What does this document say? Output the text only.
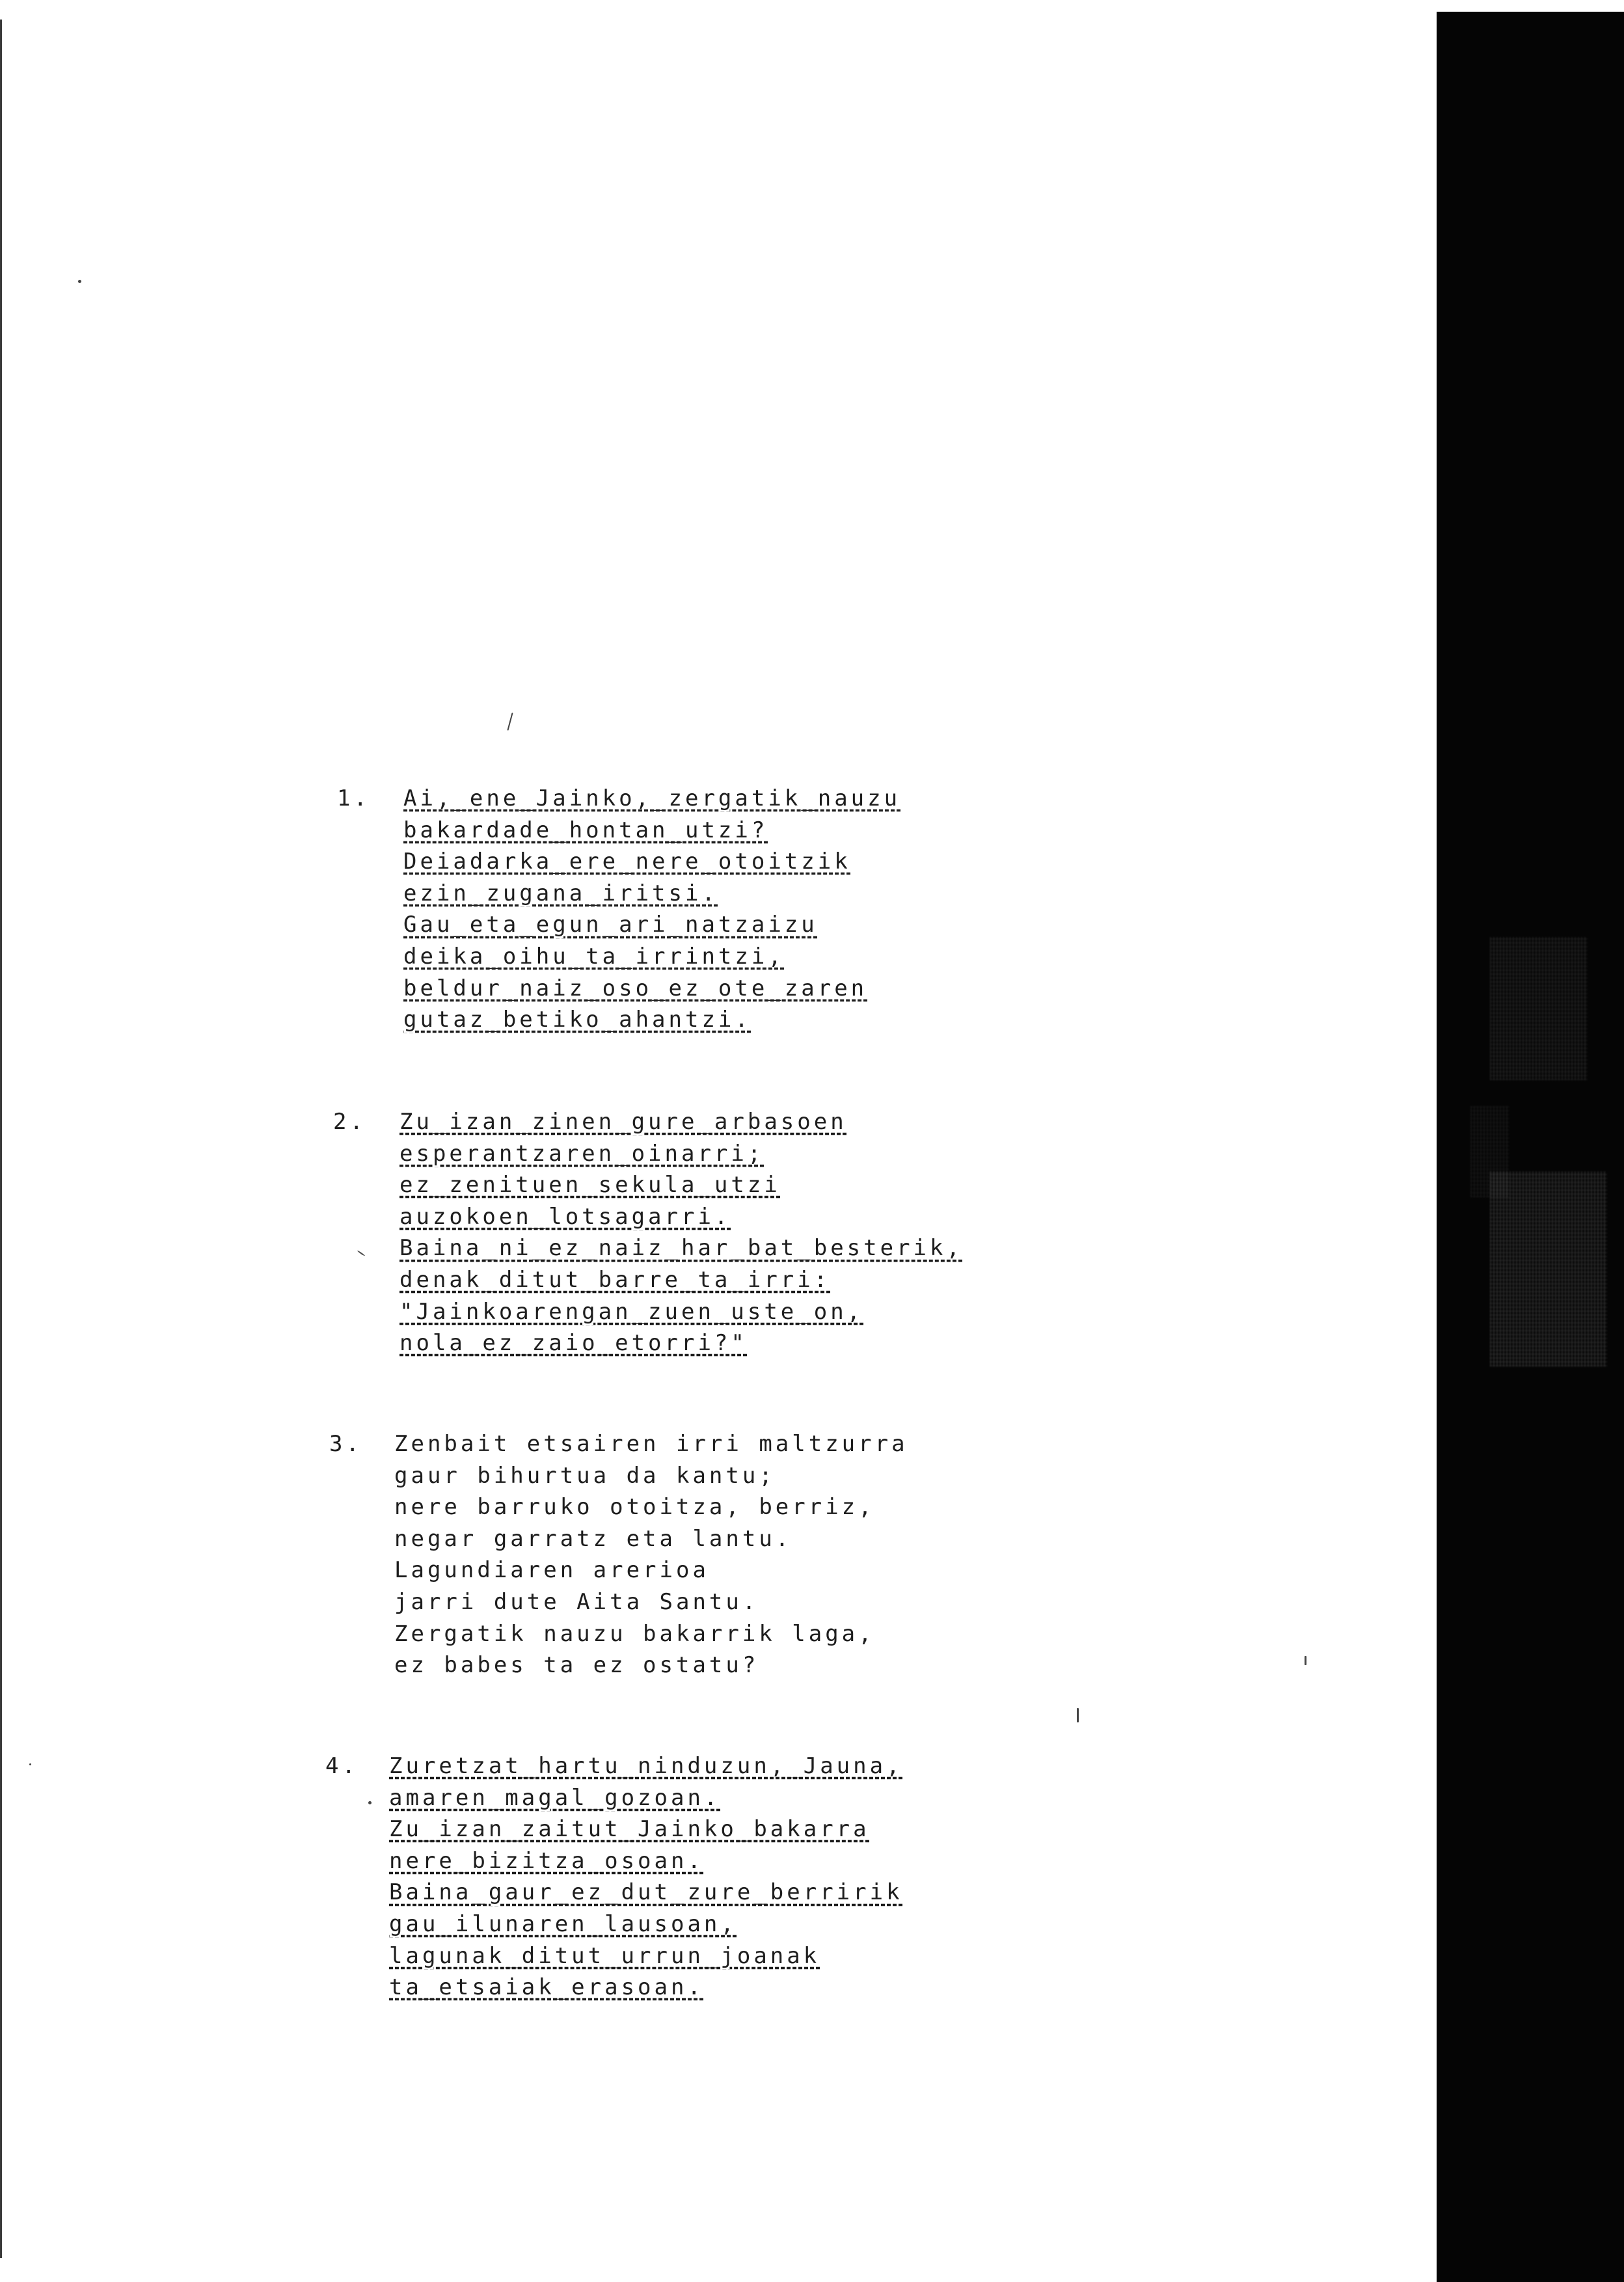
1. Ai,_ene_Jainko,_zergatik_nauzu
bakardade_hontan_utzi?
Deiadarka_ere_nere_otoitzik
ezin_zugana_iritsi.
Gau_eta_egun_ari_natzaizu
deika_oihu_ta_irrintzi,
beldur_naiz_oso_ez_ote_zaren
gutaz_betiko_ahantzi.
2. Zu_izan_zinen_gure_arbasoen
esperantzaren_oinarri;
ez_zenituen_sekula_utzi
auzokoen_lotsagarri.
Baina_ni_ez_naiz_har_bat_besterik,
denak_ditut_barre_ta_irri:
"Jainkoarengan_zuen_uste_on,
nola_ez_zaio_etorri?"
3. Zenbait etsairen irri maltzurra
gaur bihurtua da kantu;
nere barruko otoitza, berriz,
negar garratz eta lantu.
Lagundiaren arerioa
jarri dute Aita Santu.
Zergatik nauzu bakarrik laga,
ez babes ta ez ostatu?
4. Zuretzat_hartu_ninduzun,_Jauna,
amaren_magal_gozoan.
Zu_izan_zaitut_Jainko_bakarra
nere_bizitza_osoan.
Baina_gaur_ez_dut_zure_berririk
gau_ilunaren_lausoan,
lagunak_ditut_urrun_joanak
ta_etsaiak_erasoan.
